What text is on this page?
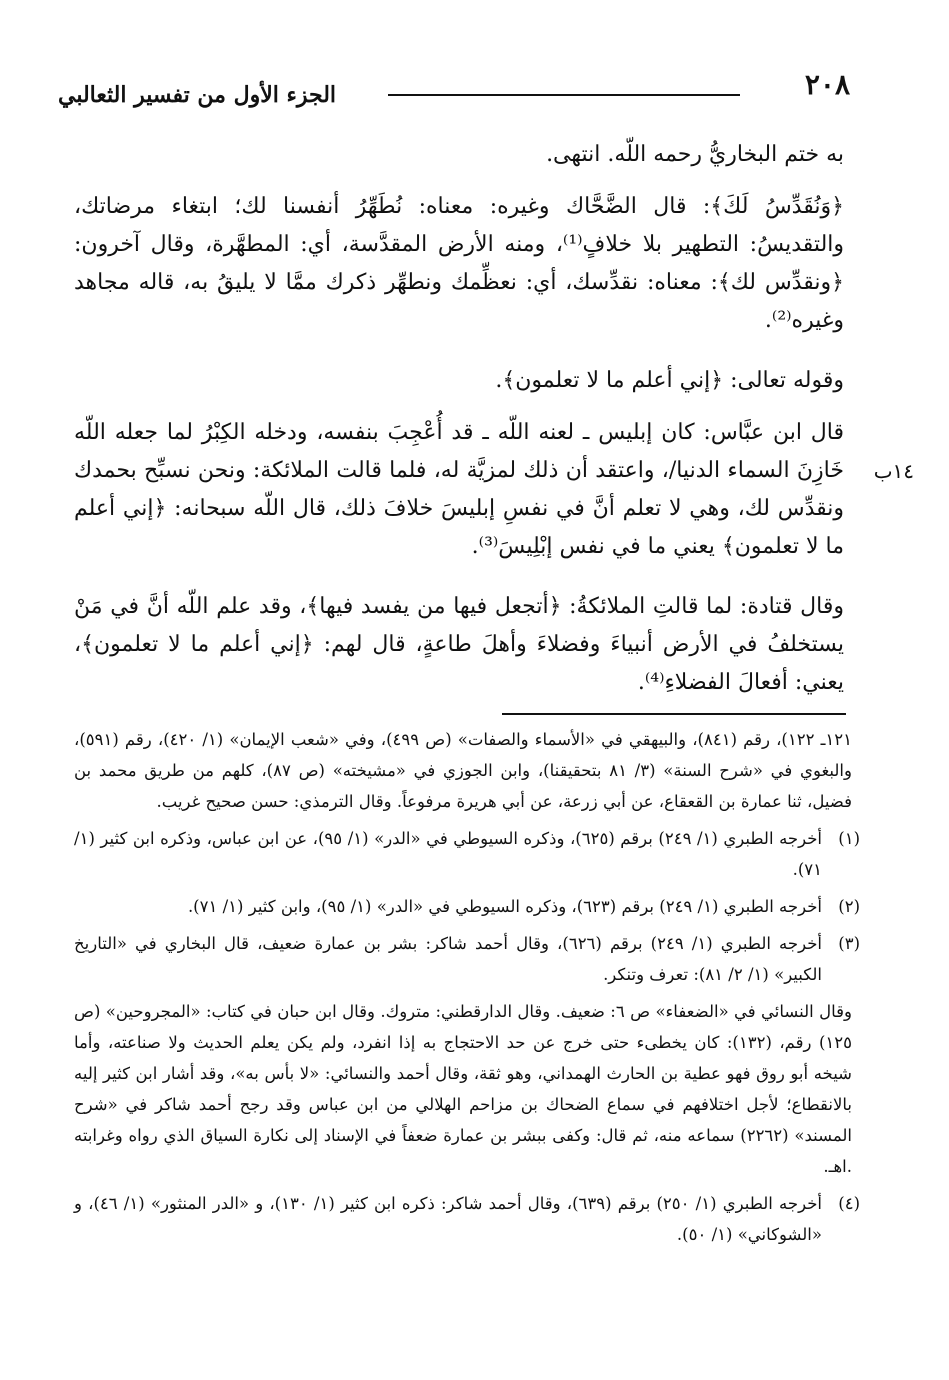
٢٠٨
الجزء الأول من تفسير الثعالبي

به ختم البخاريُّ رحمه اللّه. انتهى.

﴿وَنُقَدِّسُ لَكَ﴾: قال الضَّحَّاك وغيره: معناه: نُطَهِّرُ أنفسنا لك؛ ابتغاء مرضاتك، والتقديسُ: التطهير بلا خلافٍ⁽¹⁾، ومنه الأرض المقدَّسة، أي: المطهَّرة، وقال آخرون: ﴿ونقدِّس لك﴾: معناه: نقدِّسك، أي: نعظِّمك ونطهِّر ذكرك ممَّا لا يليقُ به، قاله مجاهد وغيره⁽²⁾.

وقوله تعالى: ﴿إني أعلم ما لا تعلمون﴾.

قال ابن عبَّاس: كان إبليس ـ لعنه اللّه ـ قد أُعْجِبَ بنفسه، ودخله الكِبْرُ لما جعله اللّه خَازِنَ السماء الدنيا/، واعتقد أن ذلك لمزيَّة له، فلما قالت الملائكة: ونحن نسبِّح بحمدك ونقدِّس لك، وهي لا تعلم أنَّ في نفسِ إبليسَ خلافَ ذلك، قال اللّه سبحانه: ﴿إني أعلم ما لا تعلمون﴾ يعني ما في نفس إبْلِيسَ⁽³⁾.

وقال قتادة: لما قالتِ الملائكةُ: ﴿أتجعل فيها من يفسد فيها﴾، وقد علم اللّه أنَّ في مَنْ يستخلفُ في الأرض أنبياءَ وفضلاءَ وأهلَ طاعةٍ، قال لهم: ﴿إني أعلم ما لا تعلمون﴾، يعني: أفعالَ الفضلاءِ⁽⁴⁾.

١٤ب
١٢١ـ ١٢٢)، رقم (٨٤١)، والبيهقي في «الأسماء والصفات» (ص ٤٩٩)، وفي «شعب الإيمان» (١/ ٤٢٠)، رقم (٥٩١)، والبغوي في «شرح السنة» (٣/ ٨١ بتحقيقنا)، وابن الجوزي في «مشيخته» (ص ٨٧)، كلهم من طريق محمد بن فضيل، ثنا عمارة بن القعقاع، عن أبي زرعة، عن أبي هريرة مرفوعاً. وقال الترمذي: حسن صحيح غريب.
(١)
أخرجه الطبري (١/ ٢٤٩) برقم (٦٢٥)، وذكره السيوطي في «الدر» (١/ ٩٥)، عن ابن عباس، وذكره ابن كثير (١/ ٧١).
(٢)
أخرجه الطبري (١/ ٢٤٩) برقم (٦٢٣)، وذكره السيوطي في «الدر» (١/ ٩٥)، وابن كثير (١/ ٧١).
(٣)
أخرجه الطبري (١/ ٢٤٩) برقم (٦٢٦)، وقال أحمد شاكر: بشر بن عمارة ضعيف، قال البخاري في «التاريخ الكبير» (١/ ٢/ ٨١): تعرف وتنكر.
وقال النسائي في «الضعفاء» ص ٦: ضعيف. وقال الدارقطني: متروك. وقال ابن حبان في كتاب: «المجروحين» (ص ١٢٥) رقم، (١٣٢): كان يخطىء حتى خرج عن حد الاحتجاج به إذا انفرد، ولم يكن يعلم الحديث ولا صناعته، وأما شيخه أبو روق فهو عطية بن الحارث الهمداني، وهو ثقة، وقال أحمد والنسائي: «لا بأس به»، وقد أشار ابن كثير إليه بالانقطاع؛ لأجل اختلافهم في سماع الضحاك بن مزاحم الهلالي من ابن عباس وقد رجح أحمد شاكر في «شرح المسند» (٢٢٦٢) سماعه منه، ثم قال: وكفى ببشر بن عمارة ضعفاً في الإسناد إلى نكارة السياق الذي رواه وغرابته .اهـ.
(٤)
أخرجه الطبري (١/ ٢٥٠) برقم (٦٣٩)، وقال أحمد شاكر: ذكره ابن كثير (١/ ١٣٠)، و «الدر المنثور» (١/ ٤٦)، و «الشوكاني» (١/ ٥٠).
